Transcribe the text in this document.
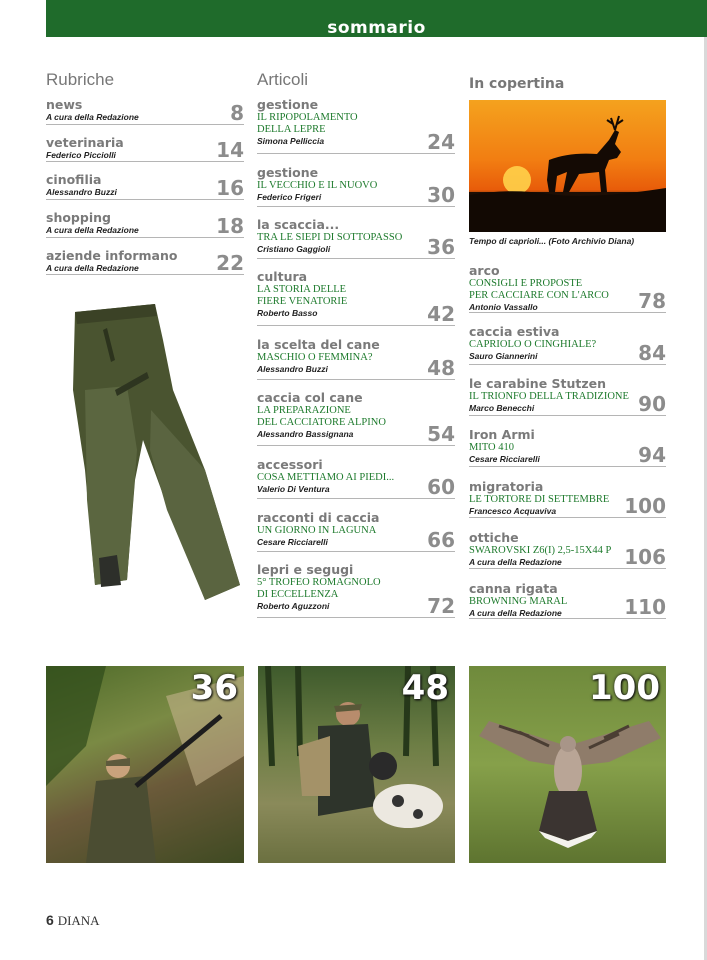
sommario
Rubriche	Articoli	In copertina
news
A cura della Redazione	8
veterinaria
Federico Picciolli	14
cinofilia
Alessandro Buzzi	16
shopping
A cura della Redazione	18
aziende informano
A cura della Redazione	22
gestione
IL RIPOPOLAMENTO
DELLA LEPRE
Simona Pelliccia	24
gestione
IL VECCHIO E IL NUOVO
Federico Frigeri	30
la scaccia...
TRA LE SIEPI DI SOTTOPASSO
Cristiano Gaggioli	36
cultura
LA STORIA DELLE
FIERE VENATORIE
Roberto Basso	42
la scelta del cane
MASCHIO O FEMMINA?
Alessandro Buzzi	48
caccia col cane
LA PREPARAZIONE
DEL CACCIATORE ALPINO
Alessandro Bassignana	54
accessori
COSA METTIAMO AI PIEDI...
Valerio Di Ventura	60
racconti di caccia
UN GIORNO IN LAGUNA
Cesare Ricciarelli	66
lepri e segugi
5° TROFEO ROMAGNOLO
DI ECCELLENZA
Roberto Aguzzoni	72
arco
CONSIGLI E PROPOSTE
PER CACCIARE CON L'ARCO
Antonio Vassallo	78
caccia estiva
CAPRIOLO O CINGHIALE?
Sauro Giannerini	84
le carabine Stutzen
IL TRIONFO DELLA TRADIZIONE
Marco Benecchi	90
Iron Armi
MITO 410
Cesare Ricciarelli	94
migratoria
LE TORTORE DI SETTEMBRE
Francesco Acquaviva	100
ottiche
SWAROVSKI Z6(I) 2,5-15X44 P
A cura della Redazione	106
canna rigata
BROWNING MARAL
A cura della Redazione	110
Tempo di caprioli... (Foto Archivio Diana)
36	48	100
6 DIANA
